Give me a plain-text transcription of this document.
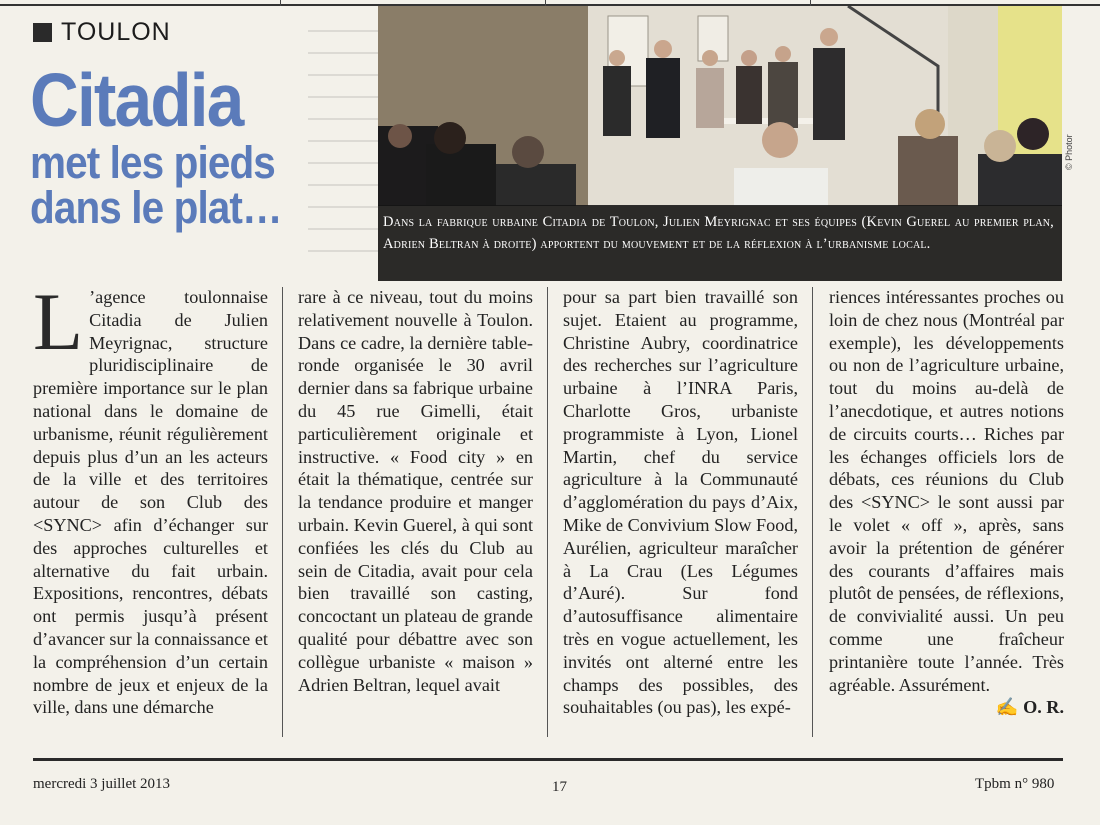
TOULON
Citadia
met les pieds
dans le plat…	Dans la fabrique urbaine Citadia de Toulon, Julien Meyrignac et ses équipes (Kevin Guerel au premier plan, Adrien Beltran à droite) apportent du mouvement et de la réflexion à l’urbanisme local.
© Photor
L ’agence toulonnaise Citadia de Julien Meyrignac, structure pluridisciplinaire de première importance sur le plan national dans le domaine de urbanisme, réunit régulièrement depuis plus d’un an les acteurs de la ville et des territoires autour de son Club des <SYNC> afin d’échanger sur des approches culturelles et alternative du fait urbain. Expositions, rencontres, débats ont permis jusqu’à présent d’avancer sur la connaissance et la compréhension d’un certain nombre de jeux et enjeux de la ville, dans une démarche

rare à ce niveau, tout du moins relativement nouvelle à Toulon. Dans ce cadre, la dernière table-ronde organisée le 30 avril dernier dans sa fabrique urbaine du 45 rue Gimelli, était particulièrement originale et instructive. « Food city » en était la thématique, centrée sur la tendance produire et manger urbain. Kevin Guerel, à qui sont confiées les clés du Club au sein de Citadia, avait pour cela bien travaillé son casting, concoctant un plateau de grande qualité pour débattre avec son collègue urbaniste « maison » Adrien Beltran, lequel avait

pour sa part bien travaillé son sujet. Etaient au programme, Christine Aubry, coordinatrice des recherches sur l’agriculture urbaine à l’INRA Paris, Charlotte Gros, urbaniste programmiste à Lyon, Lionel Martin, chef du service agriculture à la Communauté d’agglomération du pays d’Aix, Mike de Convivium Slow Food, Aurélien, agriculteur maraîcher à La Crau (Les Légumes d’Auré). Sur fond d’autosuffisance alimentaire très en vogue actuellement, les invités ont alterné entre les champs des possibles, des souhaitables (ou pas), les expé-

riences intéressantes proches ou loin de chez nous (Montréal par exemple), les développements ou non de l’agriculture urbaine, tout du moins au-delà de l’anecdotique, et autres notions de circuits courts… Riches par les échanges officiels lors de débats, ces réunions du Club des <SYNC> le sont aussi par le volet « off », après, sans avoir la prétention de générer des courants d’affaires mais plutôt de pensées, de réflexions, de convivialité aussi. Un peu comme une fraîcheur printanière toute l’année. Très agréable. Assurément.

✍ O. R.
mercredi 3 juillet 2013	17	Tpbm n° 980
